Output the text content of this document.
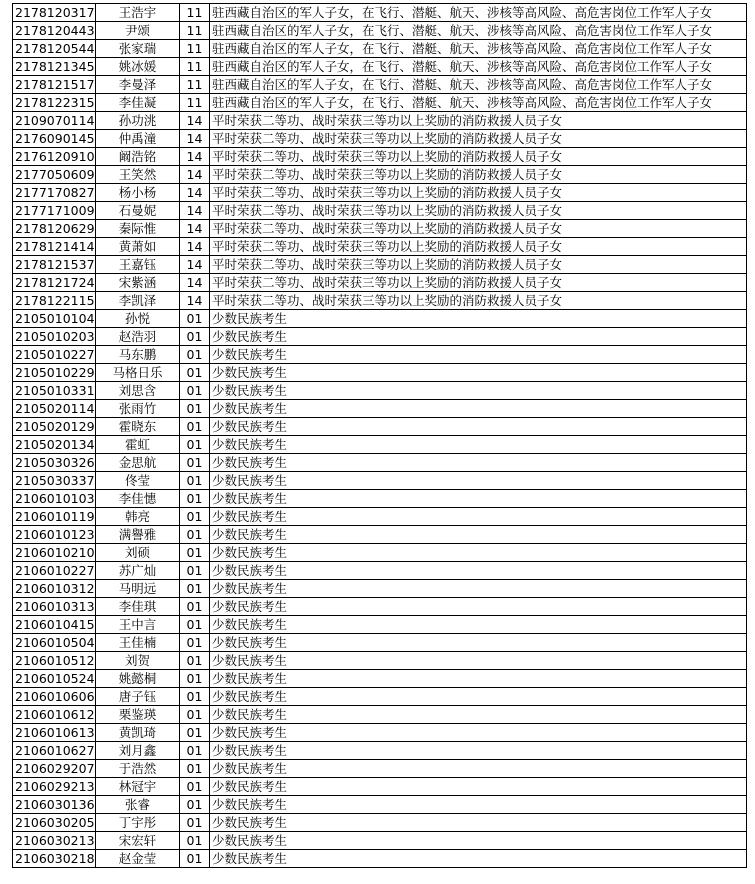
2178120317	王浩宇	11	驻西藏自治区的军人子女，在飞行、潜艇、航天、涉核等高风险、高危害岗位工作军人子女
2178120443	尹颂	11	驻西藏自治区的军人子女，在飞行、潜艇、航天、涉核等高风险、高危害岗位工作军人子女
2178120544	张家瑞	11	驻西藏自治区的军人子女，在飞行、潜艇、航天、涉核等高风险、高危害岗位工作军人子女
2178121345	姚冰媛	11	驻西藏自治区的军人子女，在飞行、潜艇、航天、涉核等高风险、高危害岗位工作军人子女
2178121517	李曼泽	11	驻西藏自治区的军人子女，在飞行、潜艇、航天、涉核等高风险、高危害岗位工作军人子女
2178122315	李佳凝	11	驻西藏自治区的军人子女，在飞行、潜艇、航天、涉核等高风险、高危害岗位工作军人子女
2109070114	孙功洮	14	平时荣获二等功、战时荣获三等功以上奖励的消防救援人员子女
2176090145	仲禹潼	14	平时荣获二等功、战时荣获三等功以上奖励的消防救援人员子女
2176120910	阚浩铭	14	平时荣获二等功、战时荣获三等功以上奖励的消防救援人员子女
2177050609	王笑然	14	平时荣获二等功、战时荣获三等功以上奖励的消防救援人员子女
2177170827	杨小杨	14	平时荣获二等功、战时荣获三等功以上奖励的消防救援人员子女
2177171009	石曼妮	14	平时荣获二等功、战时荣获三等功以上奖励的消防救援人员子女
2178120629	秦际惟	14	平时荣获二等功、战时荣获三等功以上奖励的消防救援人员子女
2178121414	黄萧如	14	平时荣获二等功、战时荣获三等功以上奖励的消防救援人员子女
2178121537	王嘉钰	14	平时荣获二等功、战时荣获三等功以上奖励的消防救援人员子女
2178121724	宋紫涵	14	平时荣获二等功、战时荣获三等功以上奖励的消防救援人员子女
2178122115	李凯泽	14	平时荣获二等功、战时荣获三等功以上奖励的消防救援人员子女
2105010104	孙悦	01	少数民族考生
2105010203	赵浩羽	01	少数民族考生
2105010227	马东鹏	01	少数民族考生
2105010229	马格日乐	01	少数民族考生
2105010331	刘思含	01	少数民族考生
2105020114	张雨竹	01	少数民族考生
2105020129	霍晓东	01	少数民族考生
2105020134	霍虹	01	少数民族考生
2105030326	金思航	01	少数民族考生
2105030337	佟莹	01	少数民族考生
2106010103	李佳憓	01	少数民族考生
2106010119	韩亮	01	少数民族考生
2106010123	满譽雅	01	少数民族考生
2106010210	刘硕	01	少数民族考生
2106010227	苏广灿	01	少数民族考生
2106010312	马明远	01	少数民族考生
2106010313	李佳琪	01	少数民族考生
2106010415	王中言	01	少数民族考生
2106010504	王佳楠	01	少数民族考生
2106010512	刘贺	01	少数民族考生
2106010524	姚懿桐	01	少数民族考生
2106010606	唐子钰	01	少数民族考生
2106010612	栗鉴瑛	01	少数民族考生
2106010613	黄凯琦	01	少数民族考生
2106010627	刘月鑫	01	少数民族考生
2106029207	于浩然	01	少数民族考生
2106029213	林冠宇	01	少数民族考生
2106030136	张睿	01	少数民族考生
2106030205	丁宇彤	01	少数民族考生
2106030213	宋宏轩	01	少数民族考生
2106030218	赵金莹	01	少数民族考生
